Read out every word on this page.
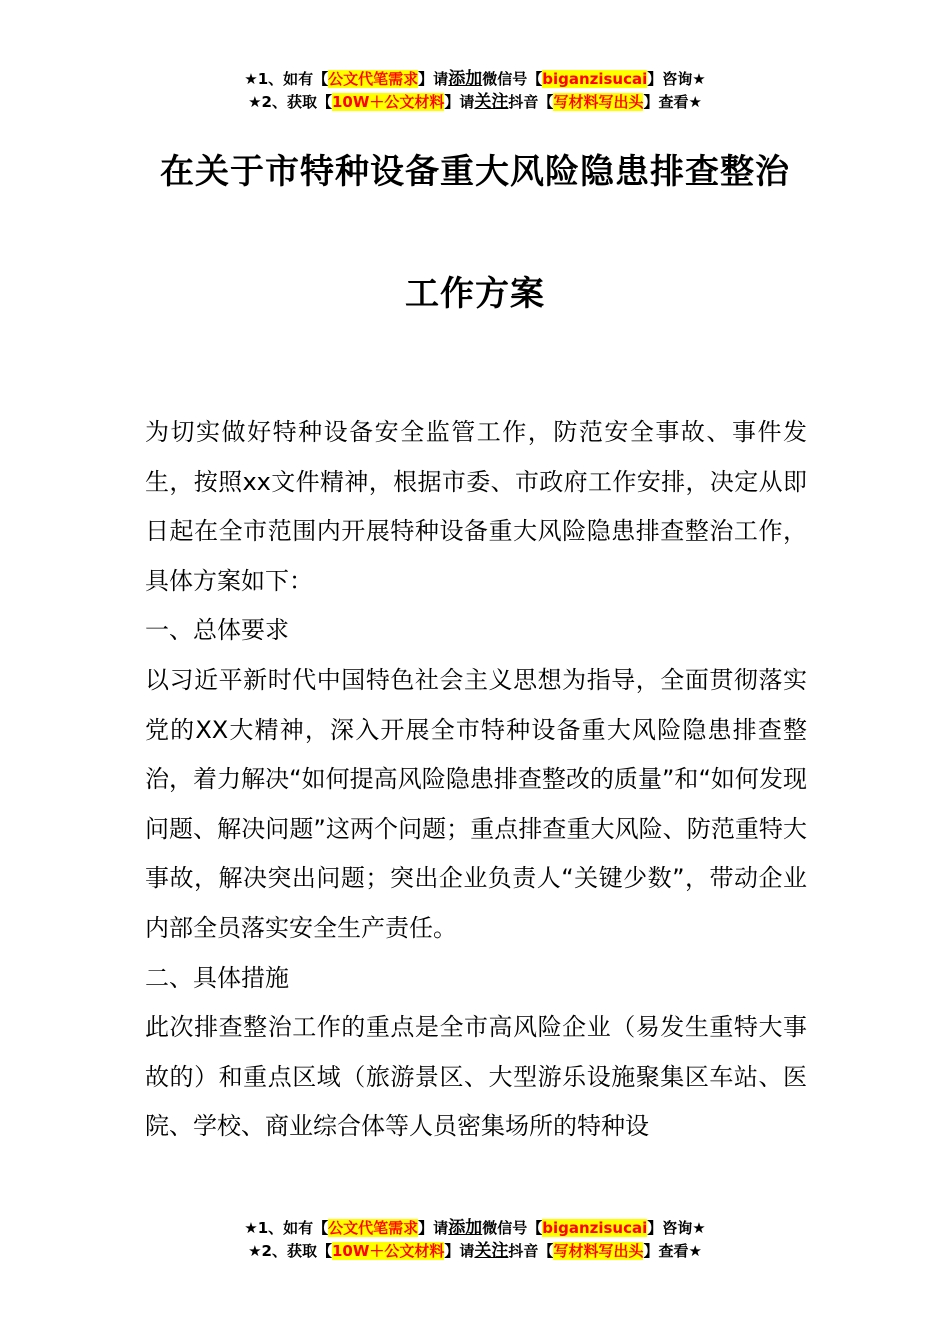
★1、如有【公文代笔需求】请添加微信号【biganzisucai】咨询★
★2、获取【10W＋公文材料】请关注抖音【写材料写出头】查看★
在关于市特种设备重大风险隐患排查整治
工作方案

为切实做好特种设备安全监管工作，防范安全事故、事件发生，按照xx文件精神，根据市委、市政府工作安排，决定从即日起在全市范围内开展特种设备重大风险隐患排查整治工作，具体方案如下：

一、总体要求

以习近平新时代中国特色社会主义思想为指导，全面贯彻落实党的XX大精神，深入开展全市特种设备重大风险隐患排查整治，着力解决“如何提高风险隐患排查整改的质量”和“如何发现问题、解决问题”这两个问题；重点排查重大风险、防范重特大事故，解决突出问题；突出企业负责人“关键少数”，带动企业内部全员落实安全生产责任。

二、具体措施

此次排查整治工作的重点是全市高风险企业（易发生重特大事故的）和重点区域（旅游景区、大型游乐设施聚集区车站、医院、学校、商业综合体等人员密集场所的特种设

★1、如有【公文代笔需求】请添加微信号【biganzisucai】咨询★
★2、获取【10W＋公文材料】请关注抖音【写材料写出头】查看★
